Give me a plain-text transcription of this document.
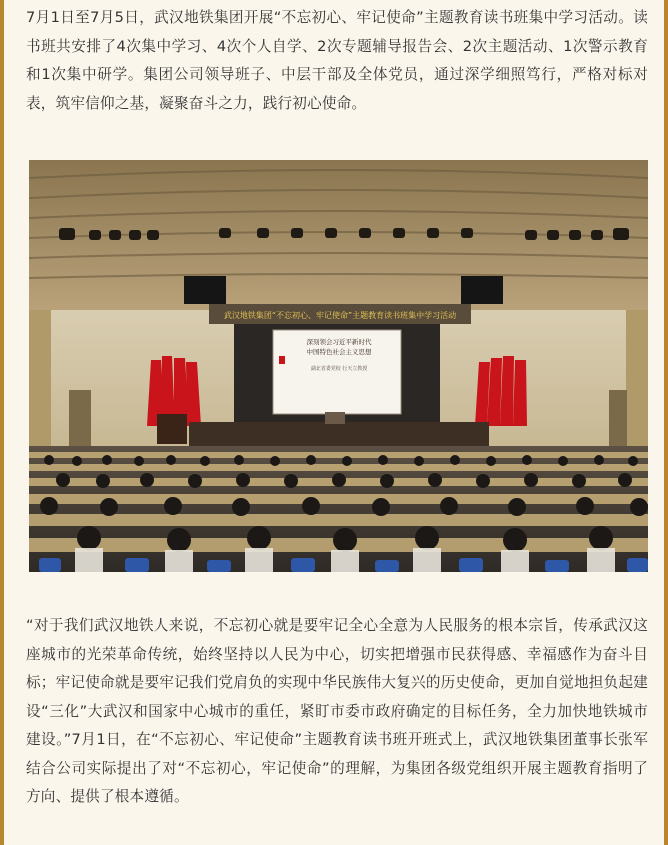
7月1日至7月5日，武汉地铁集团开展“不忘初心、牢记使命”主题教育读书班集中学习活动。读书班共安排了4次集中学习、4次个人自学、2次专题辅导报告会、2次主题活动、1次警示教育和1次集中研学。集团公司领导班子、中层干部及全体党员，通过深学细照笃行，严格对标对表，筑牢信仰之基，凝聚奋斗之力，践行初心使命。

武汉地铁集团“不忘初心、牢记使命”主题教育读书班集中学习活动
深刻领会习近平新时代
中国特色社会主义思想
湖北省委党校 行天立教授

“对于我们武汉地铁人来说，不忘初心就是要牢记全心全意为人民服务的根本宗旨，传承武汉这座城市的光荣革命传统，始终坚持以人民为中心，切实把增强市民获得感、幸福感作为奋斗目标；牢记使命就是要牢记我们党肩负的实现中华民族伟大复兴的历史使命，更加自觉地担负起建设“三化”大武汉和国家中心城市的重任，紧盯市委市政府确定的目标任务，全力加快地铁城市建设。”7月1日，在“不忘初心、牢记使命”主题教育读书班开班式上，武汉地铁集团董事长张军结合公司实际提出了对“不忘初心，牢记使命”的理解，为集团各级党组织开展主题教育指明了方向、提供了根本遵循。
